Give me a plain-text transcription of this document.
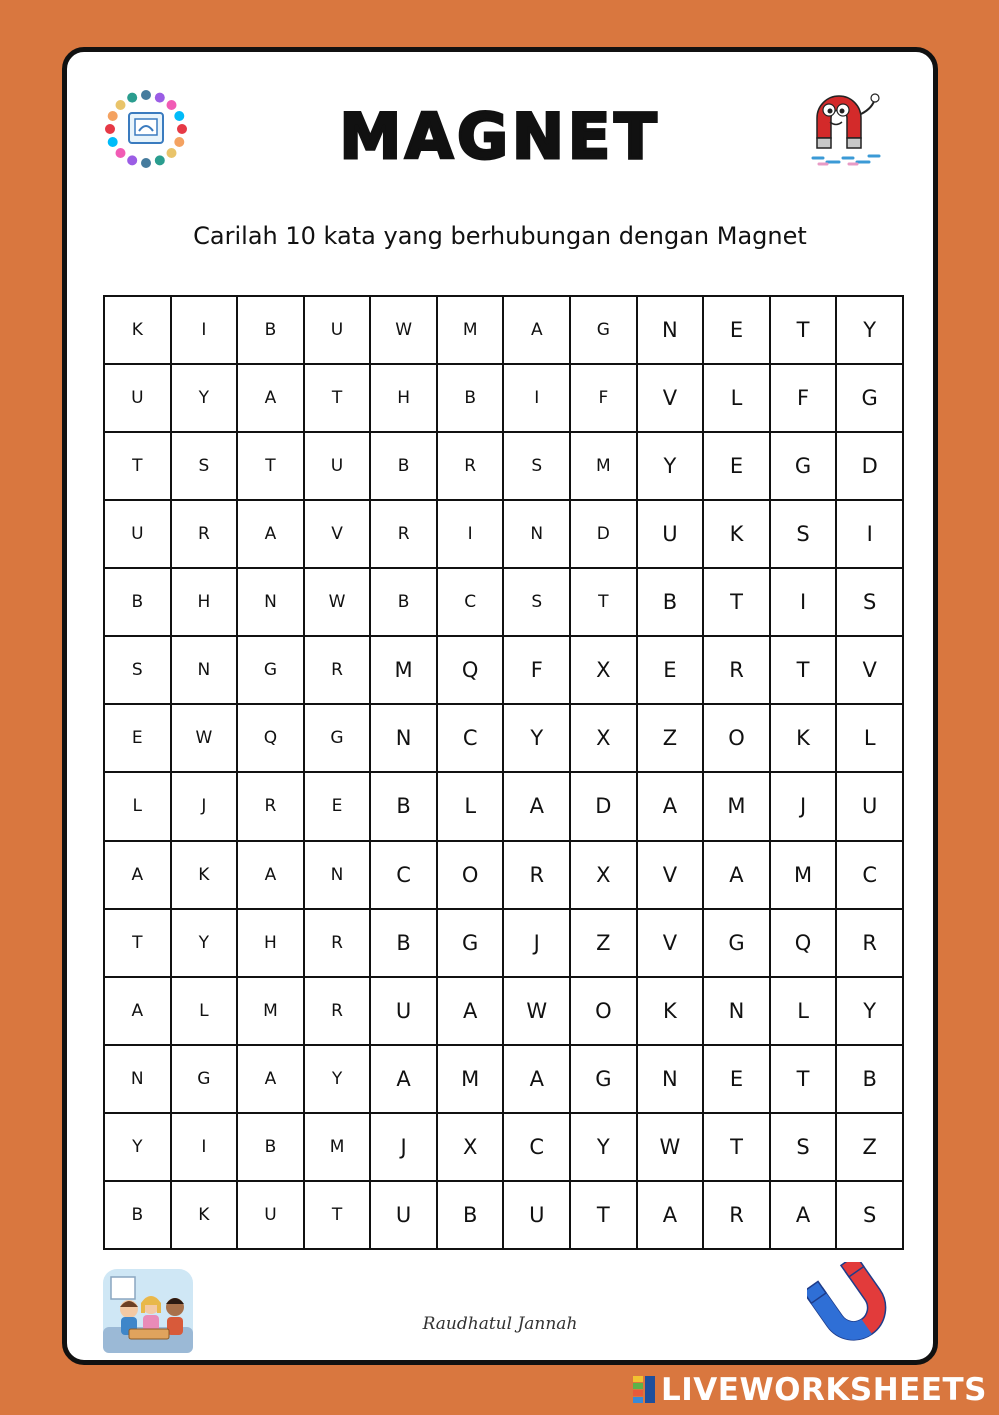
MAGNET
Carilah 10 kata yang berhubungan dengan Magnet
K	I	B	U	W	M	A	G	N	E	T	Y
U	Y	A	T	H	B	I	F	V	L	F	G
T	S	T	U	B	R	S	M	Y	E	G	D
U	R	A	V	R	I	N	D	U	K	S	I
B	H	N	W	B	C	S	T	B	T	I	S
S	N	G	R	M	Q	F	X	E	R	T	V
E	W	Q	G	N	C	Y	X	Z	O	K	L
L	J	R	E	B	L	A	D	A	M	J	U
A	K	A	N	C	O	R	X	V	A	M	C
T	Y	H	R	B	G	J	Z	V	G	Q	R
A	L	M	R	U	A	W	O	K	N	L	Y
N	G	A	Y	A	M	A	G	N	E	T	B
Y	I	B	M	J	X	C	Y	W	T	S	Z
B	K	U	T	U	B	U	T	A	R	A	S
Raudhatul Jannah
LIVEWORKSHEETS
